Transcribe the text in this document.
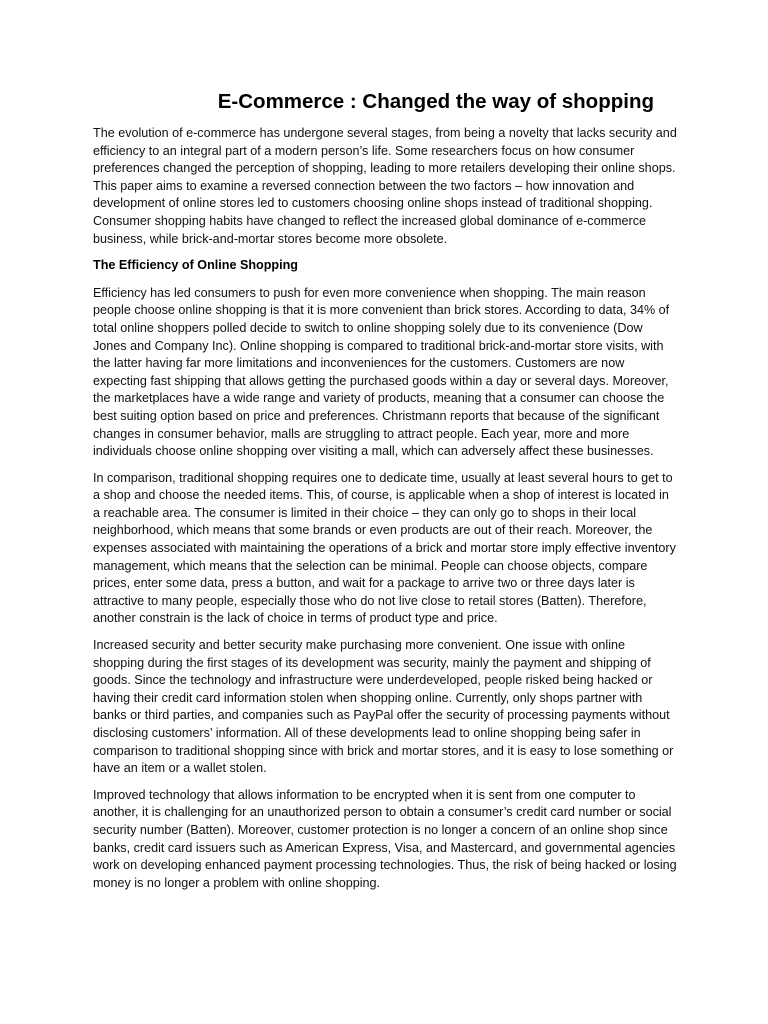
E-Commerce : Changed the way of shopping

The evolution of e-commerce has undergone several stages, from being a novelty that lacks security and efficiency to an integral part of a modern person’s life. Some researchers focus on how consumer preferences changed the perception of shopping, leading to more retailers developing their online shops. This paper aims to examine a reversed connection between the two factors – how innovation and development of online stores led to customers choosing online shops instead of traditional shopping. Consumer shopping habits have changed to reflect the increased global dominance of e-commerce business, while brick-and-mortar stores become more obsolete.

The Efficiency of Online Shopping

Efficiency has led consumers to push for even more convenience when shopping. The main reason people choose online shopping is that it is more convenient than brick stores. According to data, 34% of total online shoppers polled decide to switch to online shopping solely due to its convenience (Dow Jones and Company Inc). Online shopping is compared to traditional brick-and-mortar store visits, with the latter having far more limitations and inconveniences for the customers. Customers are now expecting fast shipping that allows getting the purchased goods within a day or several days. Moreover, the marketplaces have a wide range and variety of products, meaning that a consumer can choose the best suiting option based on price and preferences. Christmann reports that because of the significant changes in consumer behavior, malls are struggling to attract people. Each year, more and more individuals choose online shopping over visiting a mall, which can adversely affect these businesses.

In comparison, traditional shopping requires one to dedicate time, usually at least several hours to get to a shop and choose the needed items. This, of course, is applicable when a shop of interest is located in a reachable area. The consumer is limited in their choice – they can only go to shops in their local neighborhood, which means that some brands or even products are out of their reach. Moreover, the expenses associated with maintaining the operations of a brick and mortar store imply effective inventory management, which means that the selection can be minimal. People can choose objects, compare prices, enter some data, press a button, and wait for a package to arrive two or three days later is attractive to many people, especially those who do not live close to retail stores (Batten). Therefore, another constrain is the lack of choice in terms of product type and price.

Increased security and better security make purchasing more convenient. One issue with online shopping during the first stages of its development was security, mainly the payment and shipping of goods. Since the technology and infrastructure were underdeveloped, people risked being hacked or having their credit card information stolen when shopping online. Currently, only shops partner with banks or third parties, and companies such as PayPal offer the security of processing payments without disclosing customers’ information. All of these developments lead to online shopping being safer in comparison to traditional shopping since with brick and mortar stores, and it is easy to lose something or have an item or a wallet stolen.

Improved technology that allows information to be encrypted when it is sent from one computer to another, it is challenging for an unauthorized person to obtain a consumer’s credit card number or social security number (Batten). Moreover, customer protection is no longer a concern of an online shop since banks, credit card issuers such as American Express, Visa, and Mastercard, and governmental agencies work on developing enhanced payment processing technologies. Thus, the risk of being hacked or losing money is no longer a problem with online shopping.
